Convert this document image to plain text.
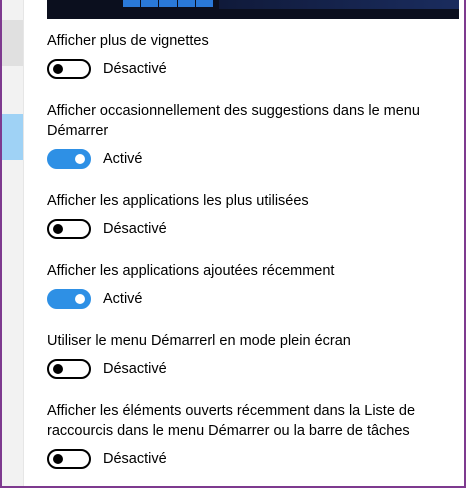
Afficher plus de vignettes
Désactivé
Afficher occasionnellement des suggestions dans le menu Démarrer
Activé
Afficher les applications les plus utilisées
Désactivé
Afficher les applications ajoutées récemment
Activé
Utiliser le menu Démarrerl en mode plein écran
Désactivé
Afficher les éléments ouverts récemment dans la Liste de raccourcis dans le menu Démarrer ou la barre de tâches
Désactivé
